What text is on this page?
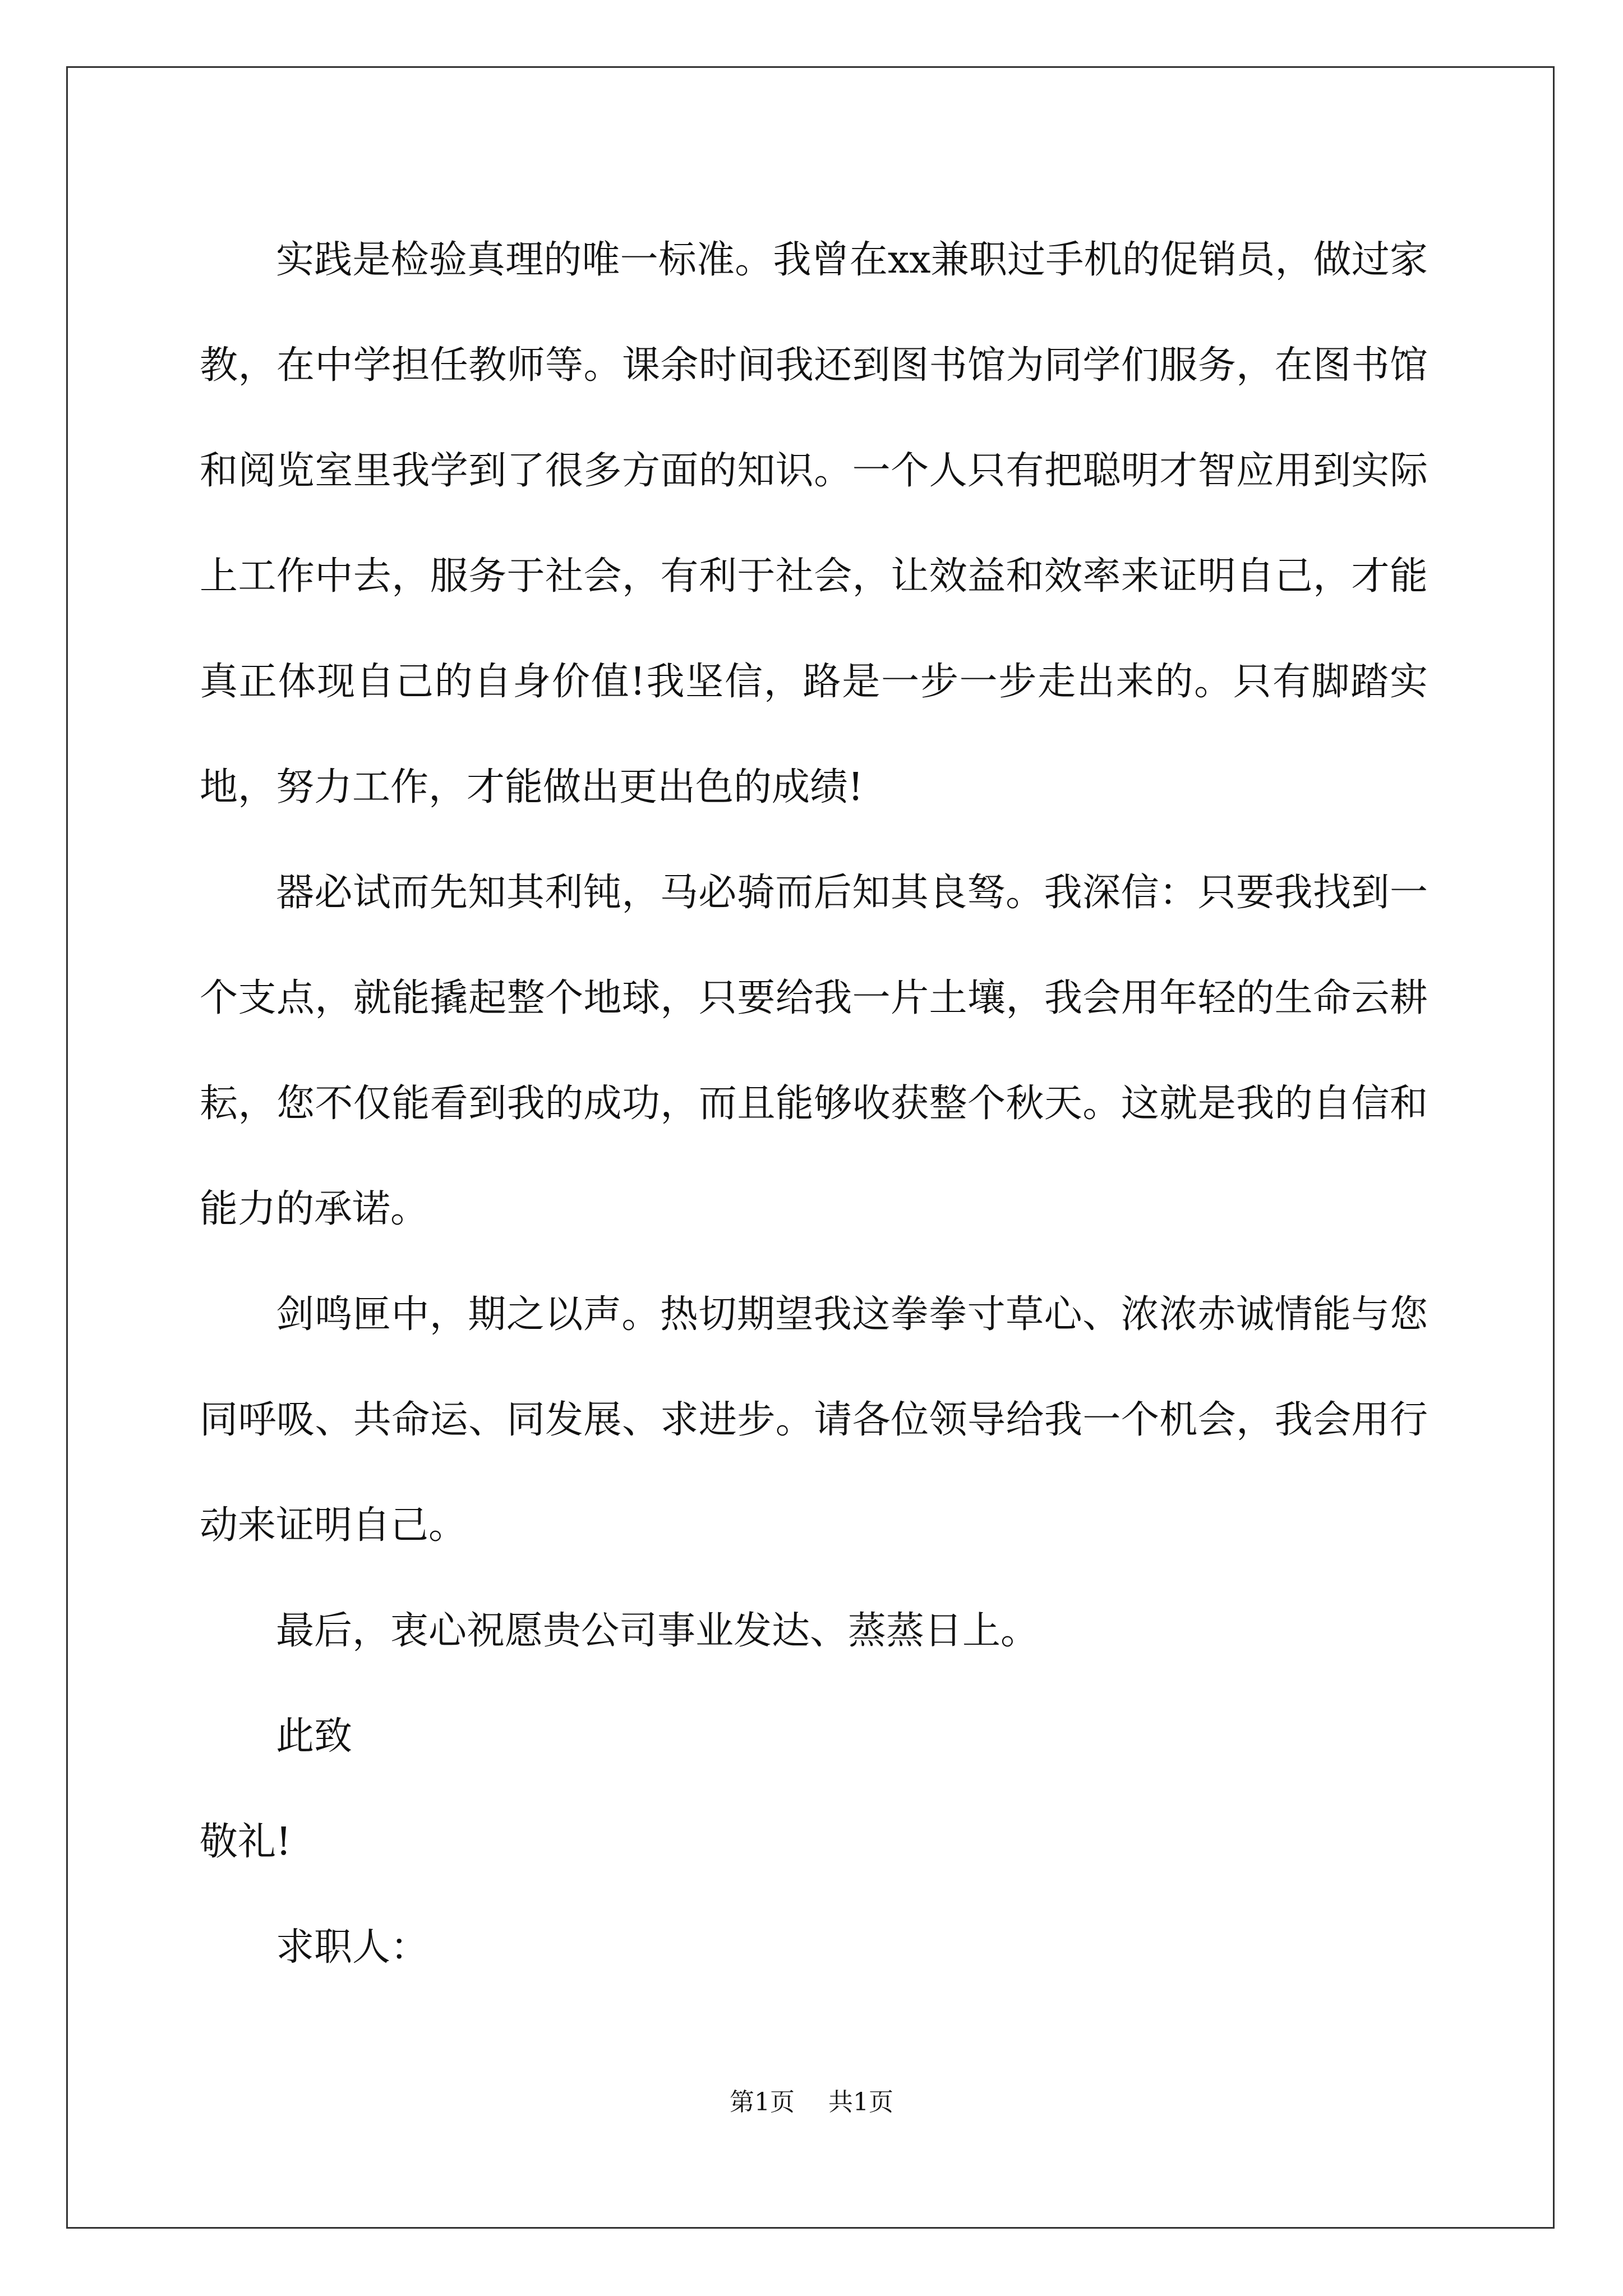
实践是检验真理的唯一标准。我曾在xx兼职过手机的促销员，做过家教，在中学担任教师等。课余时间我还到图书馆为同学们服务，在图书馆和阅览室里我学到了很多方面的知识。一个人只有把聪明才智应用到实际上工作中去，服务于社会，有利于社会，让效益和效率来证明自己，才能真正体现自己的自身价值!我坚信，路是一步一步走出来的。只有脚踏实地，努力工作，才能做出更出色的成绩!

器必试而先知其利钝，马必骑而后知其良驽。我深信：只要我找到一个支点，就能撬起整个地球，只要给我一片土壤，我会用年轻的生命云耕耘，您不仅能看到我的成功，而且能够收获整个秋天。这就是我的自信和能力的承诺。

剑鸣匣中，期之以声。热切期望我这拳拳寸草心、浓浓赤诚情能与您同呼吸、共命运、同发展、求进步。请各位领导给我一个机会，我会用行动来证明自己。

最后，衷心祝愿贵公司事业发达、蒸蒸日上。

此致

敬礼!

求职人：

第1页 共1页
